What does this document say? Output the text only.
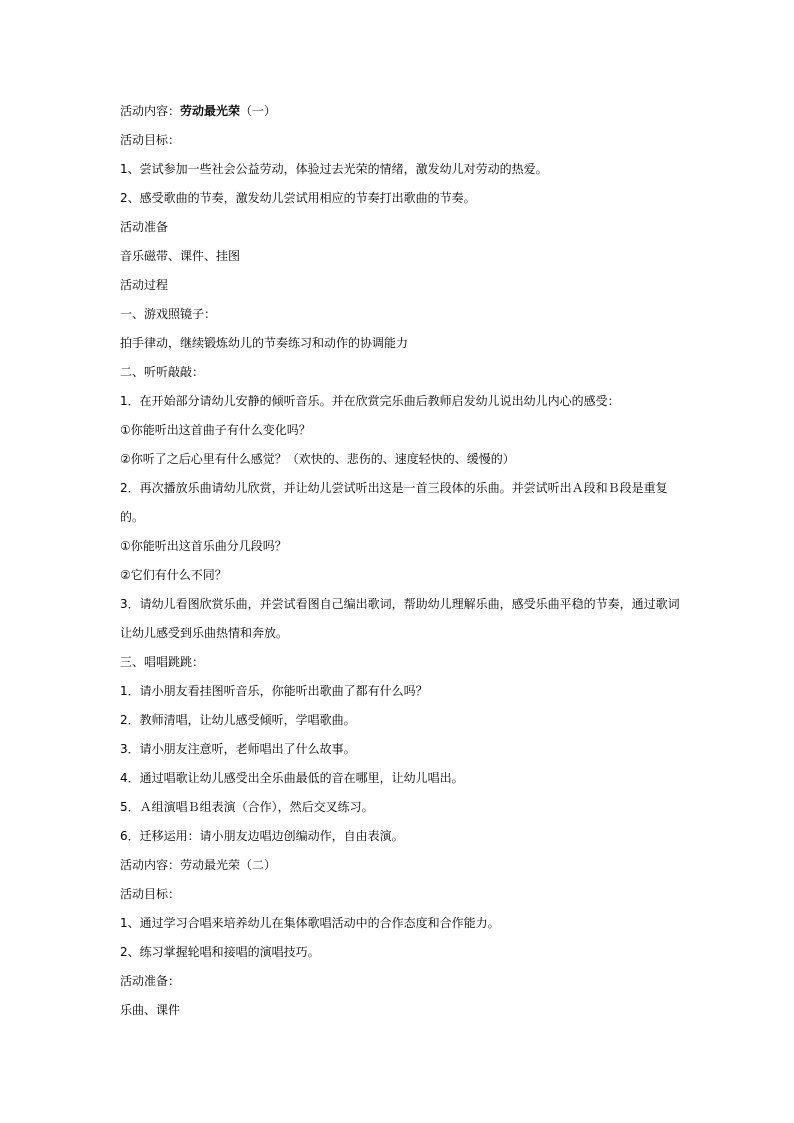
活动内容：劳动最光荣（一）
活动目标：
1、尝试参加一些社会公益劳动，体验过去光荣的情绪，激发幼儿对劳动的热爱。
2、感受歌曲的节奏，激发幼儿尝试用相应的节奏打出歌曲的节奏。
活动准备
音乐磁带、课件、挂图
活动过程
一、游戏照镜子：
拍手律动，继续锻炼幼儿的节奏练习和动作的协调能力
二、听听敲敲：
1．在开始部分请幼儿安静的倾听音乐。并在欣赏完乐曲后教师启发幼儿说出幼儿内心的感受：
①你能听出这首曲子有什么变化吗？
②你听了之后心里有什么感觉？（欢快的、悲伤的、速度轻快的、缓慢的）
2．再次播放乐曲请幼儿欣赏，并让幼儿尝试听出这是一首三段体的乐曲。并尝试听出Ａ段和Ｂ段是重复
的。
①你能听出这首乐曲分几段吗？
②它们有什么不同？
3．请幼儿看图欣赏乐曲，并尝试看图自己编出歌词，帮助幼儿理解乐曲，感受乐曲平稳的节奏，通过歌词
让幼儿感受到乐曲热情和奔放。
三、唱唱跳跳：
1．请小朋友看挂图听音乐，你能听出歌曲了都有什么吗？
2．教师清唱，让幼儿感受倾听，学唱歌曲。
3．请小朋友注意听，老师唱出了什么故事。
4．通过唱歌让幼儿感受出全乐曲最低的音在哪里，让幼儿唱出。
5．Ａ组演唱Ｂ组表演（合作），然后交叉练习。
6．迁移运用：请小朋友边唱边创编动作，自由表演。
活动内容：劳动最光荣（二）
活动目标：
1、通过学习合唱来培养幼儿在集体歌唱活动中的合作态度和合作能力。
2、练习掌握轮唱和接唱的演唱技巧。
活动准备：
乐曲、课件
